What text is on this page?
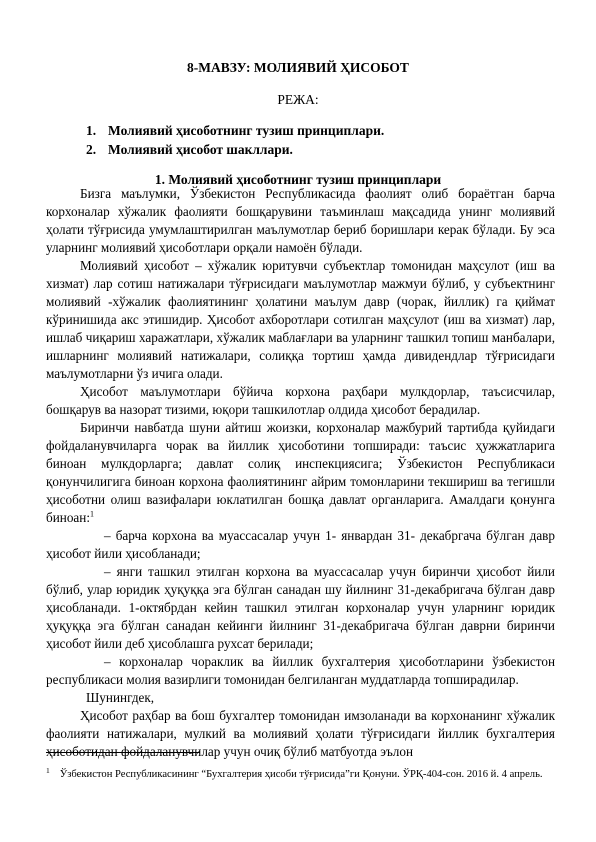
8-МАВЗУ: МОЛИЯВИЙ ҲИСОБОТ
РЕЖА:
1. Молиявий ҳисоботнинг тузиш принциплари.
2. Молиявий ҳисобот шакллари.
1. Молиявий ҳисоботнинг тузиш принциплари

Бизга маълумки, Ўзбекистон Республикасида фаолият олиб бораётган барча корхоналар хўжалик фаолияти бошқарувини таъминлаш мақсадида унинг молиявий ҳолати тўғрисида умумлаштирилган маълумотлар бериб боришлари керак бўлади. Бу эса уларнинг молиявий ҳисоботлари орқали намоён бўлади.

Молиявий ҳисобот – хўжалик юритувчи субъектлар томонидан маҳсулот (иш ва хизмат) лар сотиш натижалари тўғрисидаги маълумотлар мажмуи бўлиб, у субъектнинг молиявий -хўжалик фаолиятининг ҳолатини маълум давр (чорак, йиллик) га қиймат кўринишида акс этишидир. Ҳисобот ахборотлари сотилган маҳсулот (иш ва хизмат) лар, ишлаб чиқариш харажатлари, хўжалик маблағлари ва уларнинг ташкил топиш манбалари, ишларнинг молиявий натижалари, солиққа тортиш ҳамда дивидендлар тўғрисидаги маълумотларни ўз ичига олади.

Ҳисобот маълумотлари бўйича корхона раҳбари мулкдорлар, таъсисчилар, бошқарув ва назорат тизими, юқори ташкилотлар олдида ҳисобот берадилар.

Биринчи навбатда шуни айтиш жоизки, корхоналар мажбурий тартибда қуйидаги фойдаланувчиларга чорак ва йиллик ҳисоботини топширади: таъсис ҳужжатларига биноан мулкдорларга; давлат солиқ инспекциясига; Ўзбекистон Республикаси қонунчилигига биноан корхона фаолиятининг айрим томонларини текшириш ва тегишли ҳисоботни олиш вазифалари юклатилган бошқа давлат органларига. Амалдаги қонунга биноан:$^1$

– барча корхона ва муассасалар учун 1- январдан 31- декабргача бўлган давр ҳисобот йили ҳисобланади;

– янги ташкил этилган корхона ва муассасалар учун биринчи ҳисобот йили бўлиб, улар юридик ҳуқуққа эга бўлган санадан шу йилнинг 31-декабригача бўлган давр ҳисобланади. 1-октябрдан кейин ташкил этилган корхоналар учун уларнинг юридик ҳуқуққа эга бўлган санадан кейинги йилнинг 31-декабригача бўлган даврни биринчи ҳисобот йили деб ҳисоблашга рухсат берилади;

– корхоналар чораклик ва йиллик бухгалтерия ҳисоботларини ўзбекистон республикаси молия вазирлиги томонидан белгиланган муддатларда топширадилар.

Шунингдек,

Ҳисобот раҳбар ва бош бухгалтер томонидан имзоланади ва корхонанинг хўжалик фаолияти натижалари, мулкий ва молиявий ҳолати тўғрисидаги йиллик бухгалтерия ҳисоботидан фойдаланувчилар учун очиқ бўлиб матбуотда эълон

$^1$ Ўзбекистон Республикасининг “Бухгалтерия ҳисоби тўғрисида”ги Қонуни. ЎРҚ-404-сон. 2016 й. 4 апрель.
